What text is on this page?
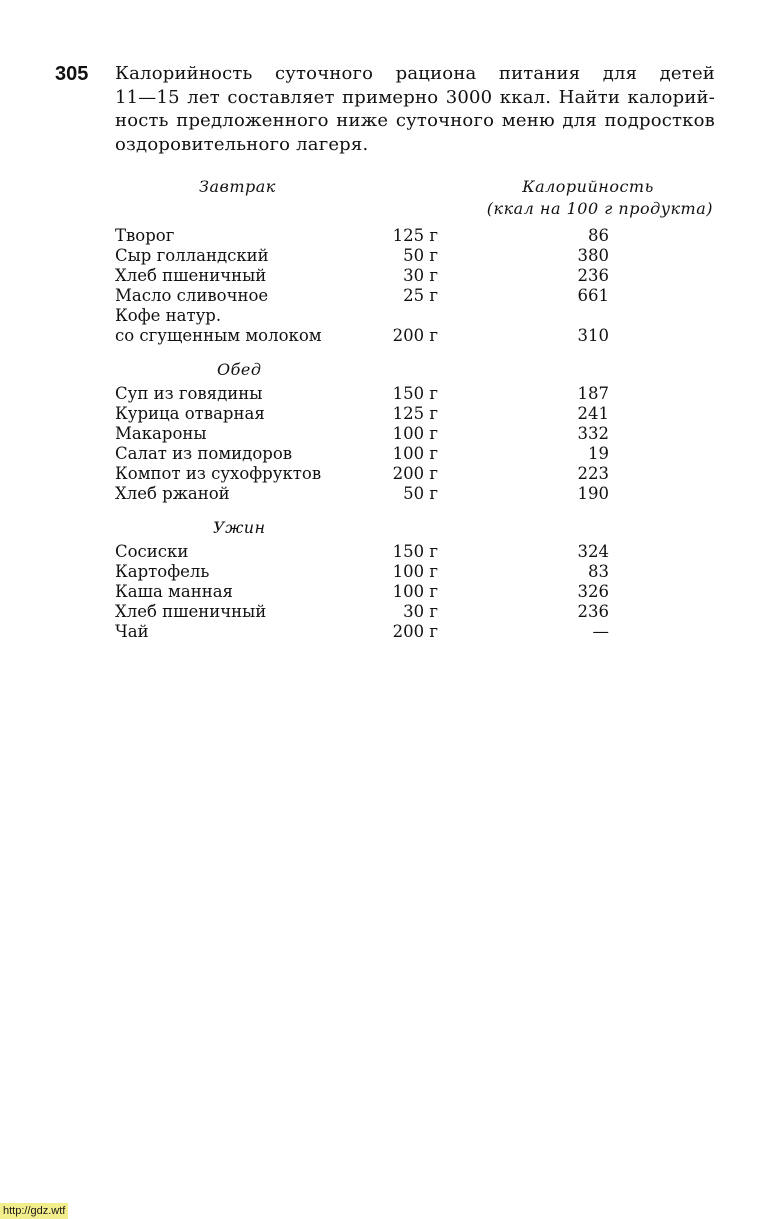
305 Калорийность суточного рациона питания для детей
11—15 лет составляет примерно 3000 ккал. Найти калорий-
ность предложенного ниже суточного меню для подростков
оздоровительного лагеря.
Калорийность
(ккал на 100 г продукта)
Завтрак
Творог	125 г	86
Сыр голландский	50 г	380
Хлеб пшеничный	30 г	236
Масло сливочное	25 г	661
Кофе натур.
со сгущенным молоком	200 г	310
Обед
Суп из говядины	150 г	187
Курица отварная	125 г	241
Макароны	100 г	332
Салат из помидоров	100 г	19
Компот из сухофруктов	200 г	223
Хлеб ржаной	50 г	190
Ужин
Сосиски	150 г	324
Картофель	100 г	83
Каша манная	100 г	326
Хлеб пшеничный	30 г	236
Чай	200 г	—
http://gdz.wtf
